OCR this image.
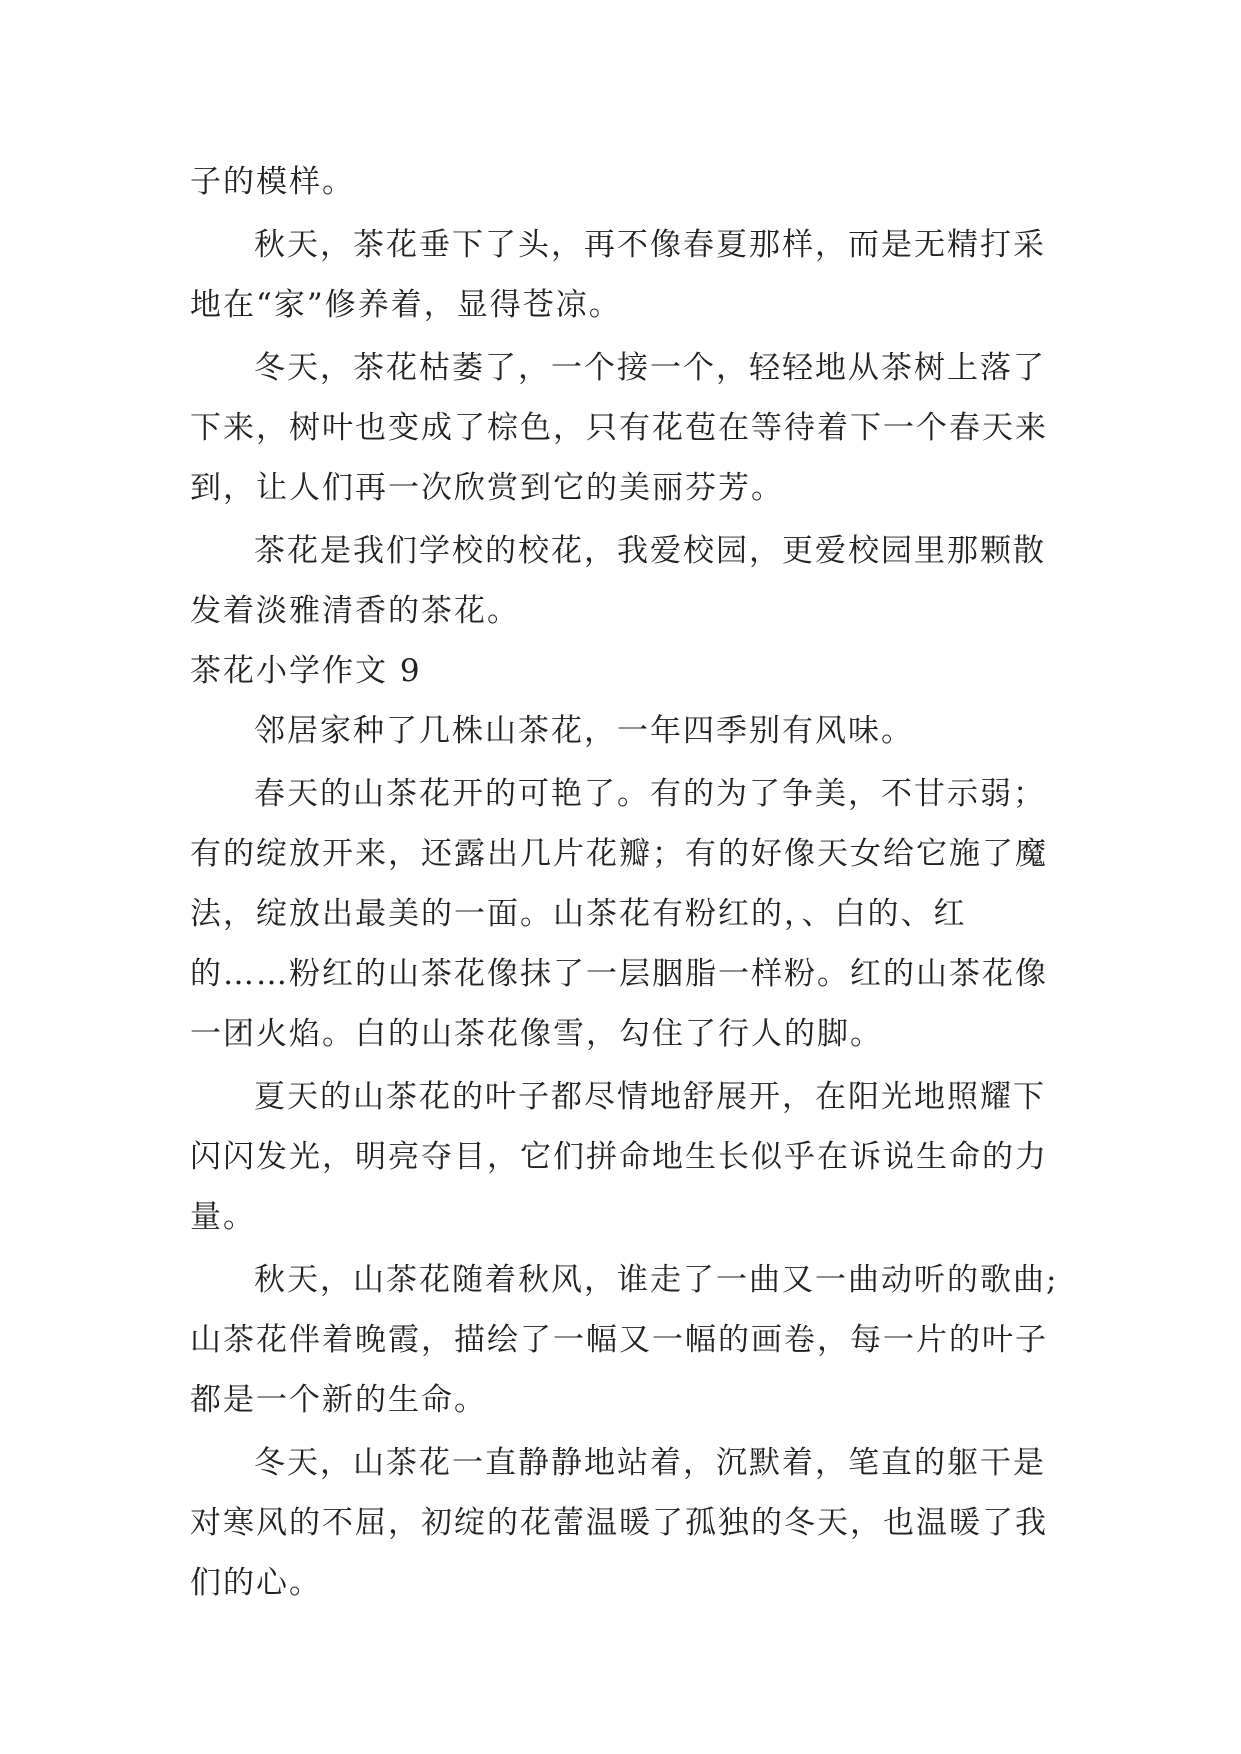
子的模样。
秋天，茶花垂下了头，再不像春夏那样，而是无精打采
地在“家”修养着，显得苍凉。
冬天，茶花枯萎了，一个接一个，轻轻地从茶树上落了
下来，树叶也变成了棕色，只有花苞在等待着下一个春天来
到，让人们再一次欣赏到它的美丽芬芳。
茶花是我们学校的校花，我爱校园，更爱校园里那颗散
发着淡雅清香的茶花。
茶花小学作文 9
邻居家种了几株山茶花，一年四季别有风味。
春天的山茶花开的可艳了。有的为了争美，不甘示弱；
有的绽放开来，还露出几片花瓣；有的好像天女给它施了魔
法，绽放出最美的一面。山茶花有粉红的，、白的、红
的……粉红的山茶花像抹了一层胭脂一样粉。红的山茶花像
一团火焰。白的山茶花像雪，勾住了行人的脚。
夏天的山茶花的叶子都尽情地舒展开，在阳光地照耀下
闪闪发光，明亮夺目，它们拼命地生长似乎在诉说生命的力
量。
秋天，山茶花随着秋风，谁走了一曲又一曲动听的歌曲;
山茶花伴着晚霞，描绘了一幅又一幅的画卷，每一片的叶子
都是一个新的生命。
冬天，山茶花一直静静地站着，沉默着，笔直的躯干是
对寒风的不屈，初绽的花蕾温暖了孤独的冬天，也温暖了我
们的心。
